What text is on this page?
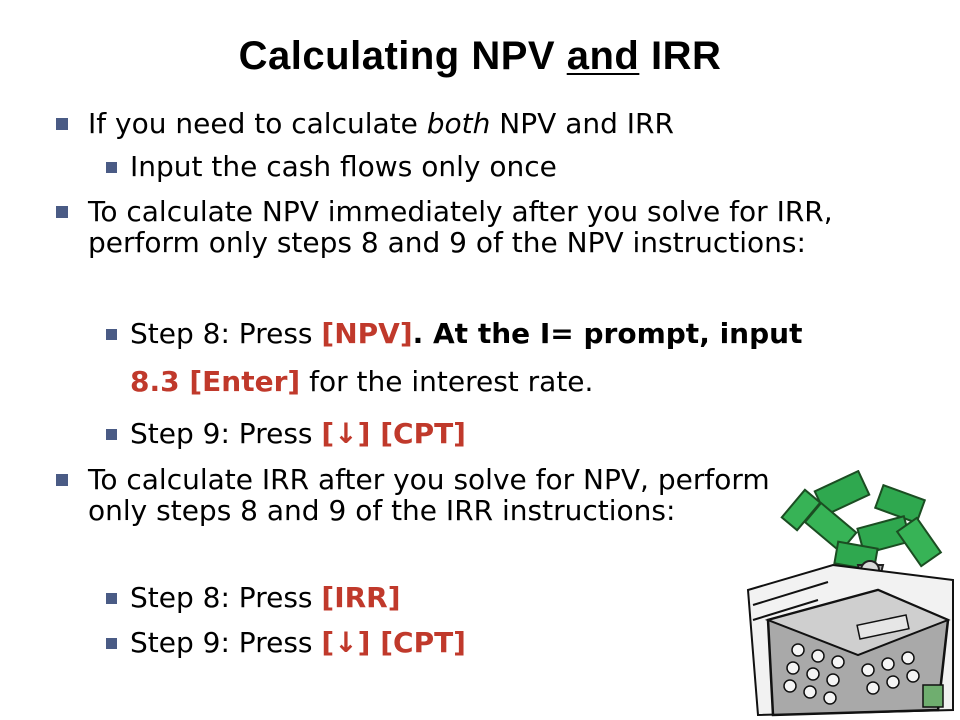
Calculating NPV and IRR
If you need to calculate both NPV and IRR
Input the cash flows only once
To calculate NPV immediately after you solve for IRR, perform only steps 8 and 9 of the NPV instructions:
Step 8: Press [NPV]. At the I= prompt, input
8.3 [Enter] for the interest rate.
Step 9: Press [↓] [CPT]
To calculate IRR after you solve for NPV, perform only steps 8 and 9 of the IRR instructions:
Step 8: Press [IRR]
Step 9: Press [↓] [CPT]
